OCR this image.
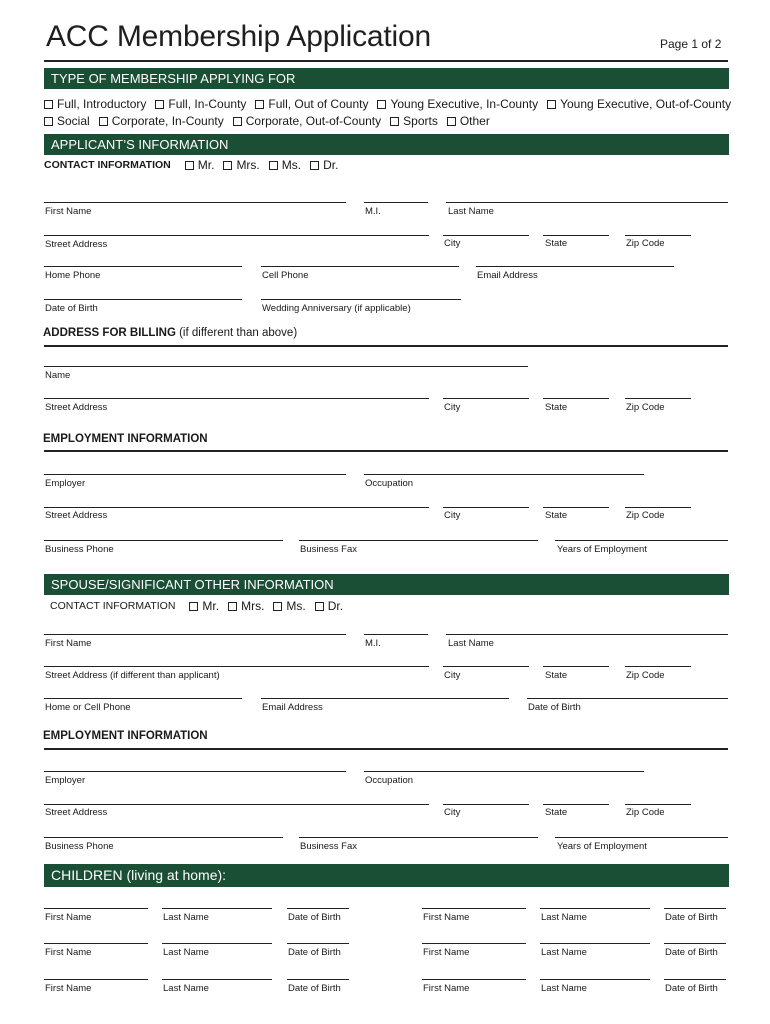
ACC Membership Application	Page 1 of 2
TYPE OF MEMBERSHIP APPLYING FOR
Full, Introductory Full, In-County Full, Out of County Young Executive, In-County Young Executive, Out-of-County
Social Corporate, In-County Corporate, Out-of-County Sports Other
APPLICANT’S INFORMATION
CONTACT INFORMATION Mr. Mrs. Ms. Dr.
First Name	M.I.	Last Name
Street Address	City	State	Zip Code
Home Phone	Cell Phone	Email Address
Date of Birth	Wedding Anniversary (if applicable)
ADDRESS FOR BILLING (if different than above)
Name
Street Address	City	State	Zip Code
EMPLOYMENT INFORMATION
Employer	Occupation
Street Address	City	State	Zip Code
Business Phone	Business Fax	Years of Employment
SPOUSE/SIGNIFICANT OTHER INFORMATION
CONTACT INFORMATION Mr. Mrs. Ms. Dr.
First Name	M.I.	Last Name
Street Address (if different than applicant)	City	State	Zip Code
Home or Cell Phone	Email Address	Date of Birth
EMPLOYMENT INFORMATION
Employer	Occupation
Street Address	City	State	Zip Code
Business Phone	Business Fax	Years of Employment
CHILDREN (living at home):
First Name	Last Name	Date of Birth	First Name	Last Name	Date of Birth
First Name	Last Name	Date of Birth	First Name	Last Name	Date of Birth
First Name	Last Name	Date of Birth	First Name	Last Name	Date of Birth
